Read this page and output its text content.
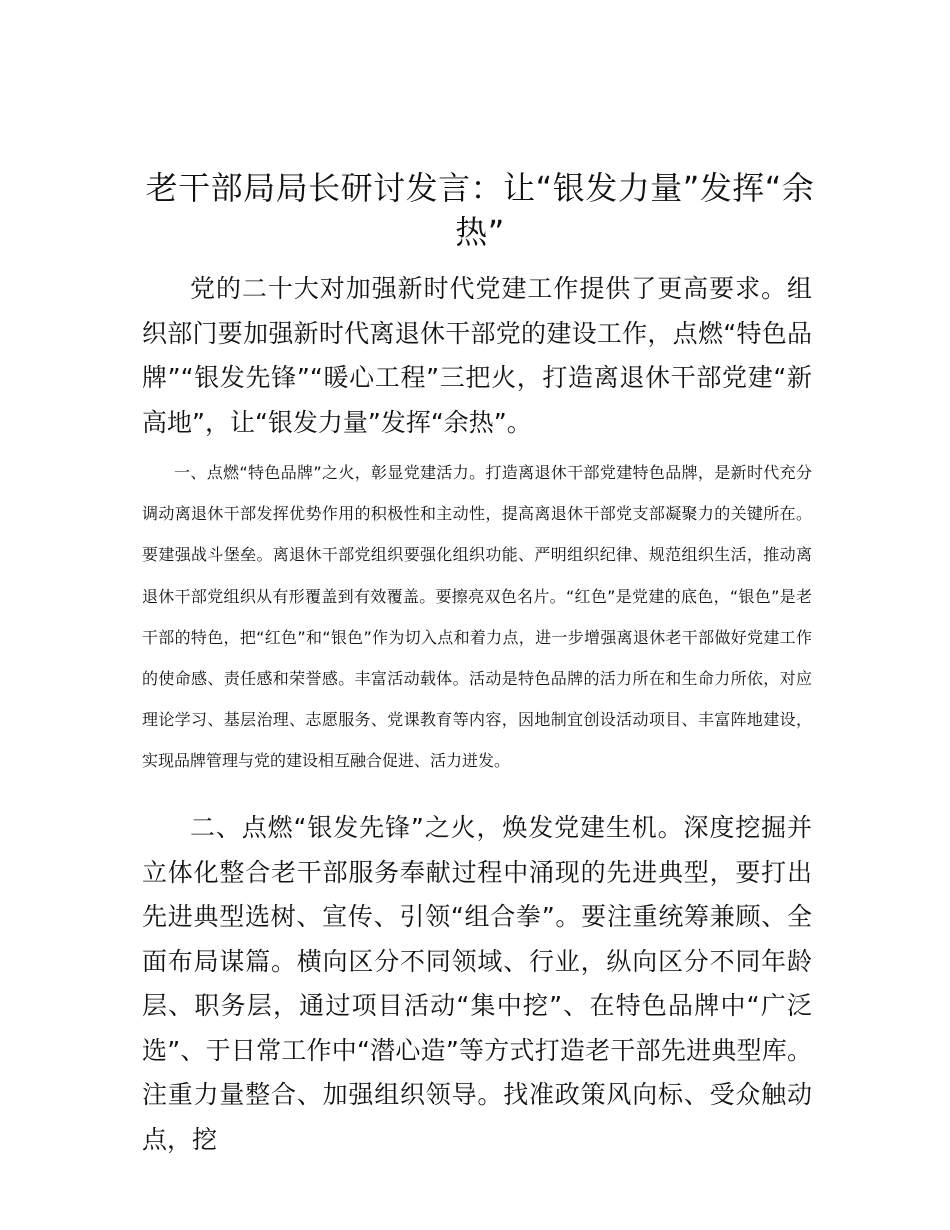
老干部局局长研讨发言：让“银发力量”发挥“余热”

党的二十大对加强新时代党建工作提供了更高要求。组织部门要加强新时代离退休干部党的建设工作，点燃“特色品牌”“银发先锋”“暖心工程”三把火，打造离退休干部党建“新高地”，让“银发力量”发挥“余热”。

一、点燃“特色品牌”之火，彰显党建活力。打造离退休干部党建特色品牌，是新时代充分调动离退休干部发挥优势作用的积极性和主动性，提高离退休干部党支部凝聚力的关键所在。要建强战斗堡垒。离退休干部党组织要强化组织功能、严明组织纪律、规范组织生活，推动离退休干部党组织从有形覆盖到有效覆盖。要擦亮双色名片。“红色”是党建的底色，“银色”是老干部的特色，把“红色”和“银色”作为切入点和着力点，进一步增强离退休老干部做好党建工作的使命感、责任感和荣誉感。丰富活动载体。活动是特色品牌的活力所在和生命力所依，对应理论学习、基层治理、志愿服务、党课教育等内容，因地制宜创设活动项目、丰富阵地建设，实现品牌管理与党的建设相互融合促进、活力迸发。

二、点燃“银发先锋”之火，焕发党建生机。深度挖掘并立体化整合老干部服务奉献过程中涌现的先进典型，要打出先进典型选树、宣传、引领“组合拳”。要注重统筹兼顾、全面布局谋篇。横向区分不同领域、行业，纵向区分不同年龄层、职务层，通过项目活动“集中挖”、在特色品牌中“广泛选”、于日常工作中“潜心造”等方式打造老干部先进典型库。注重力量整合、加强组织领导。找准政策风向标、受众触动点，挖
